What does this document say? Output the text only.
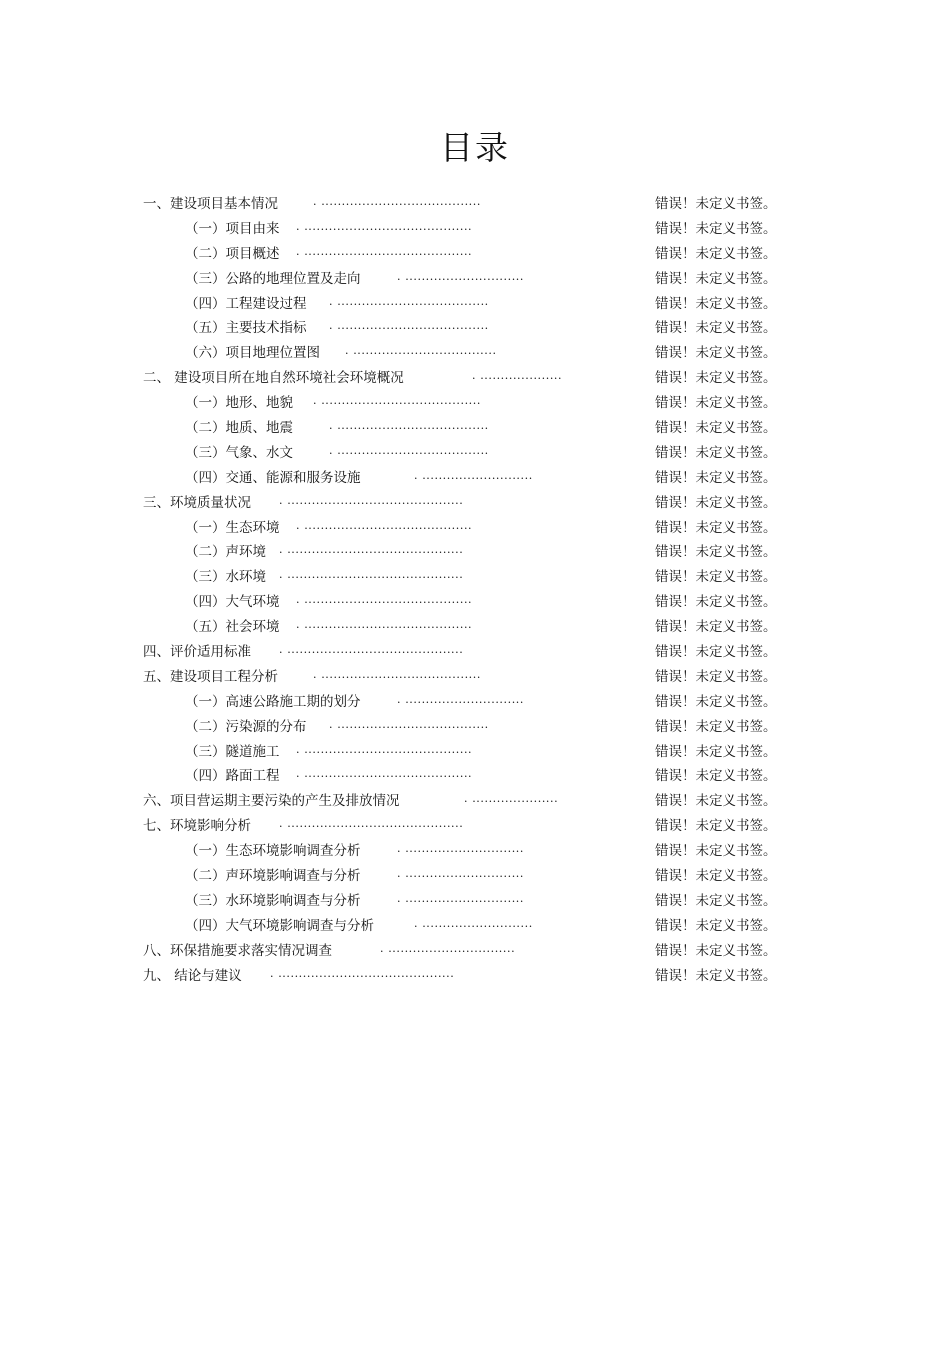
目录
一、建设项目基本情况	. .......................................	错误！未定义书签。
（一）项目由来 . .........................................	错误！未定义书签。
（二）项目概述 . .........................................	错误！未定义书签。
（三）公路的地理位置及走向	. .............................	错误！未定义书签。
（四）工程建设过程 . .....................................	错误！未定义书签。
（五）主要技术指标 . .....................................	错误！未定义书签。
（六）项目地理位置图 . ...................................	错误！未定义书签。
二、 建设项目所在地自然环境社会环境概况	. ....................	错误！未定义书签。
（一）地形、地貌 . .......................................	错误！未定义书签。
（二）地质、地震	. .....................................	错误！未定义书签。
（三）气象、水文	. .....................................	错误！未定义书签。
（四）交通、能源和服务设施	. ...........................	错误！未定义书签。
三、环境质量状况	. ...........................................	错误！未定义书签。
（一）生态环境 . .........................................	错误！未定义书签。
（二）声环境 . ...........................................	错误！未定义书签。
（三）水环境 . ...........................................	错误！未定义书签。
（四）大气环境 . .........................................	错误！未定义书签。
（五）社会环境 . .........................................	错误！未定义书签。
四、评价适用标准	. ...........................................	错误！未定义书签。
五、建设项目工程分析	. .......................................	错误！未定义书签。
（一）高速公路施工期的划分	. .............................	错误！未定义书签。
（二）污染源的分布 . .....................................	错误！未定义书签。
（三）隧道施工 . .........................................	错误！未定义书签。
（四）路面工程 . .........................................	错误！未定义书签。
六、项目营运期主要污染的产生及排放情况	. .....................	错误！未定义书签。
七、环境影响分析	. ...........................................	错误！未定义书签。
（一）生态环境影响调查分析	. .............................	错误！未定义书签。
（二）声环境影响调查与分析	. .............................	错误！未定义书签。
（三）水环境影响调查与分析	. .............................	错误！未定义书签。
（四）大气环境影响调查与分析	. ...........................	错误！未定义书签。
八、环保措施要求落实情况调查	. ...............................	错误！未定义书签。
九、 结论与建议	. ...........................................	错误！未定义书签。
